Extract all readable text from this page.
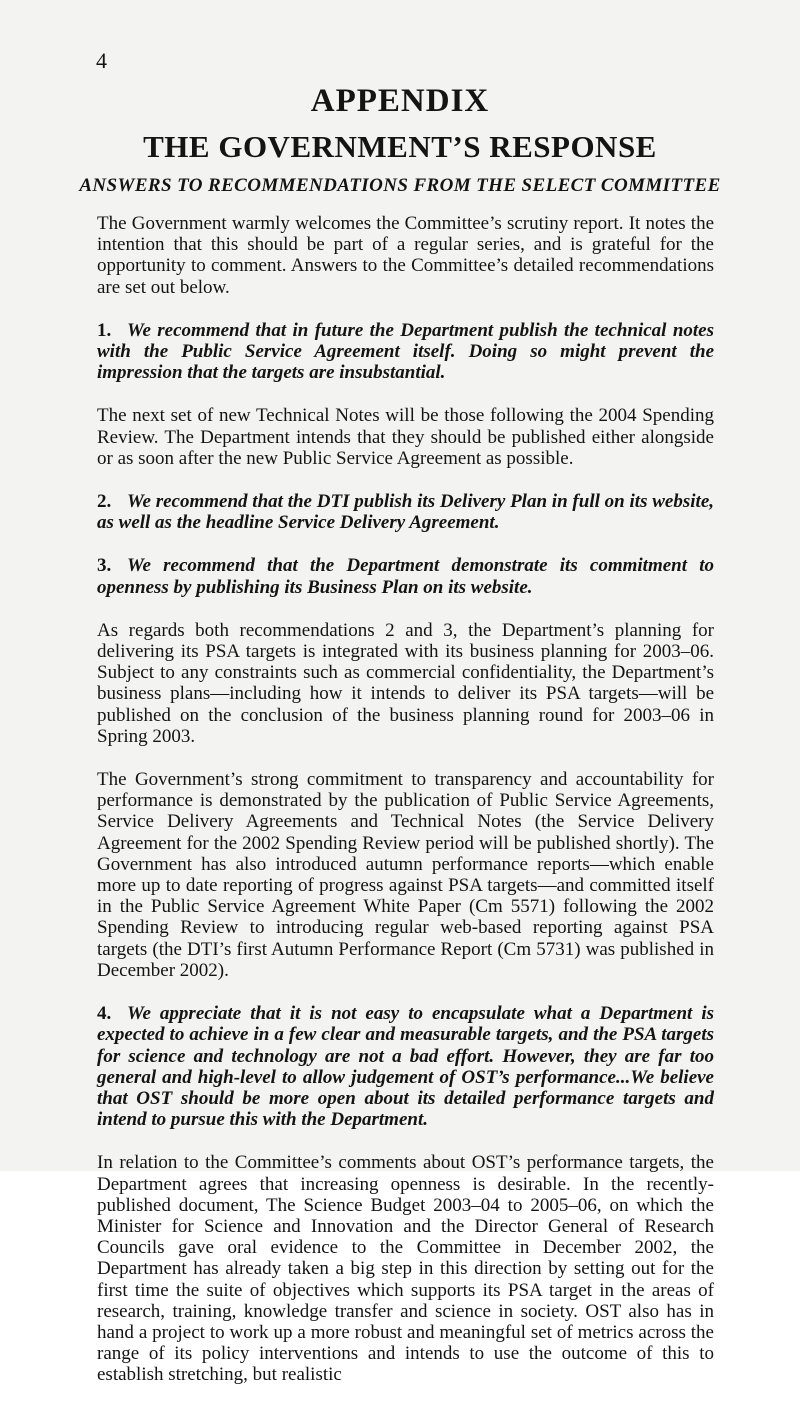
4
APPENDIX
THE GOVERNMENT’S RESPONSE
ANSWERS TO RECOMMENDATIONS FROM THE SELECT COMMITTEE

The Government warmly welcomes the Committee’s scrutiny report. It notes the intention that this should be part of a regular series, and is grateful for the opportunity to comment. Answers to the Committee’s detailed recommendations are set out below.

1. We recommend that in future the Department publish the technical notes with the Public Service Agreement itself. Doing so might prevent the impression that the targets are insubstantial.

The next set of new Technical Notes will be those following the 2004 Spending Review. The Department intends that they should be published either alongside or as soon after the new Public Service Agreement as possible.

2. We recommend that the DTI publish its Delivery Plan in full on its website, as well as the headline Service Delivery Agreement.

3. We recommend that the Department demonstrate its commitment to openness by publishing its Business Plan on its website.

As regards both recommendations 2 and 3, the Department’s planning for delivering its PSA targets is integrated with its business planning for 2003–06. Subject to any constraints such as commercial confidentiality, the Department’s business plans—including how it intends to deliver its PSA targets—will be published on the conclusion of the business planning round for 2003–06 in Spring 2003.

The Government’s strong commitment to transparency and accountability for performance is demonstrated by the publication of Public Service Agreements, Service Delivery Agreements and Technical Notes (the Service Delivery Agreement for the 2002 Spending Review period will be published shortly). The Government has also introduced autumn performance reports—which enable more up to date reporting of progress against PSA targets—and committed itself in the Public Service Agreement White Paper (Cm 5571) following the 2002 Spending Review to introducing regular web-based reporting against PSA targets (the DTI’s first Autumn Performance Report (Cm 5731) was published in December 2002).

4. We appreciate that it is not easy to encapsulate what a Department is expected to achieve in a few clear and measurable targets, and the PSA targets for science and technology are not a bad effort. However, they are far too general and high-level to allow judgement of OST’s performance...We believe that OST should be more open about its detailed performance targets and intend to pursue this with the Department.

In relation to the Committee’s comments about OST’s performance targets, the Department agrees that increasing openness is desirable. In the recently-published document, The Science Budget 2003–04 to 2005–06, on which the Minister for Science and Innovation and the Director General of Research Councils gave oral evidence to the Committee in December 2002, the Department has already taken a big step in this direction by setting out for the first time the suite of objectives which supports its PSA target in the areas of research, training, knowledge transfer and science in society. OST also has in hand a project to work up a more robust and meaningful set of metrics across the range of its policy interventions and intends to use the outcome of this to establish stretching, but realistic
